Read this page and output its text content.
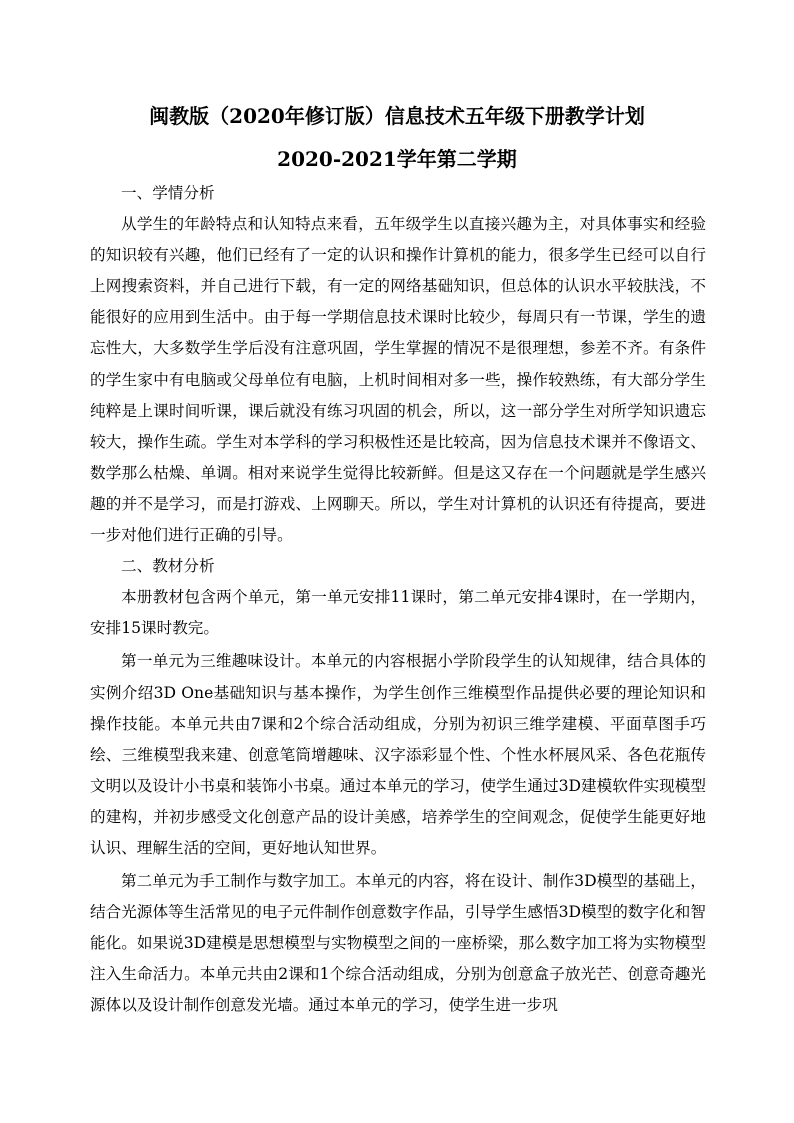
闽教版（2020年修订版）信息技术五年级下册教学计划
2020-2021学年第二学期

一、学情分析

从学生的年龄特点和认知特点来看，五年级学生以直接兴趣为主，对具体事实和经验的知识较有兴趣，他们已经有了一定的认识和操作计算机的能力，很多学生已经可以自行上网搜索资料，并自己进行下载，有一定的网络基础知识，但总体的认识水平较肤浅，不能很好的应用到生活中。由于每一学期信息技术课时比较少，每周只有一节课，学生的遗忘性大，大多数学生学后没有注意巩固，学生掌握的情况不是很理想，参差不齐。有条件的学生家中有电脑或父母单位有电脑，上机时间相对多一些，操作较熟练，有大部分学生纯粹是上课时间听课，课后就没有练习巩固的机会，所以，这一部分学生对所学知识遗忘较大，操作生疏。学生对本学科的学习积极性还是比较高，因为信息技术课并不像语文、数学那么枯燥、单调。相对来说学生觉得比较新鲜。但是这又存在一个问题就是学生感兴趣的并不是学习，而是打游戏、上网聊天。所以，学生对计算机的认识还有待提高，要进一步对他们进行正确的引导。

二、教材分析

本册教材包含两个单元，第一单元安排11课时，第二单元安排4课时，在一学期内，安排15课时教完。

第一单元为三维趣味设计。本单元的内容根据小学阶段学生的认知规律，结合具体的实例介绍3D One基础知识与基本操作，为学生创作三维模型作品提供必要的理论知识和操作技能。本单元共由7课和2个综合活动组成，分别为初识三维学建模、平面草图手巧绘、三维模型我来建、创意笔筒增趣味、汉字添彩显个性、个性水杯展风采、各色花瓶传文明以及设计小书桌和装饰小书桌。通过本单元的学习，使学生通过3D建模软件实现模型的建构，并初步感受文化创意产品的设计美感，培养学生的空间观念，促使学生能更好地认识、理解生活的空间，更好地认知世界。

第二单元为手工制作与数字加工。本单元的内容，将在设计、制作3D模型的基础上，结合光源体等生活常见的电子元件制作创意数字作品，引导学生感悟3D模型的数字化和智能化。如果说3D建模是思想模型与实物模型之间的一座桥梁，那么数字加工将为实物模型注入生命活力。本单元共由2课和1个综合活动组成，分别为创意盒子放光芒、创意奇趣光源体以及设计制作创意发光墙。通过本单元的学习，使学生进一步巩
